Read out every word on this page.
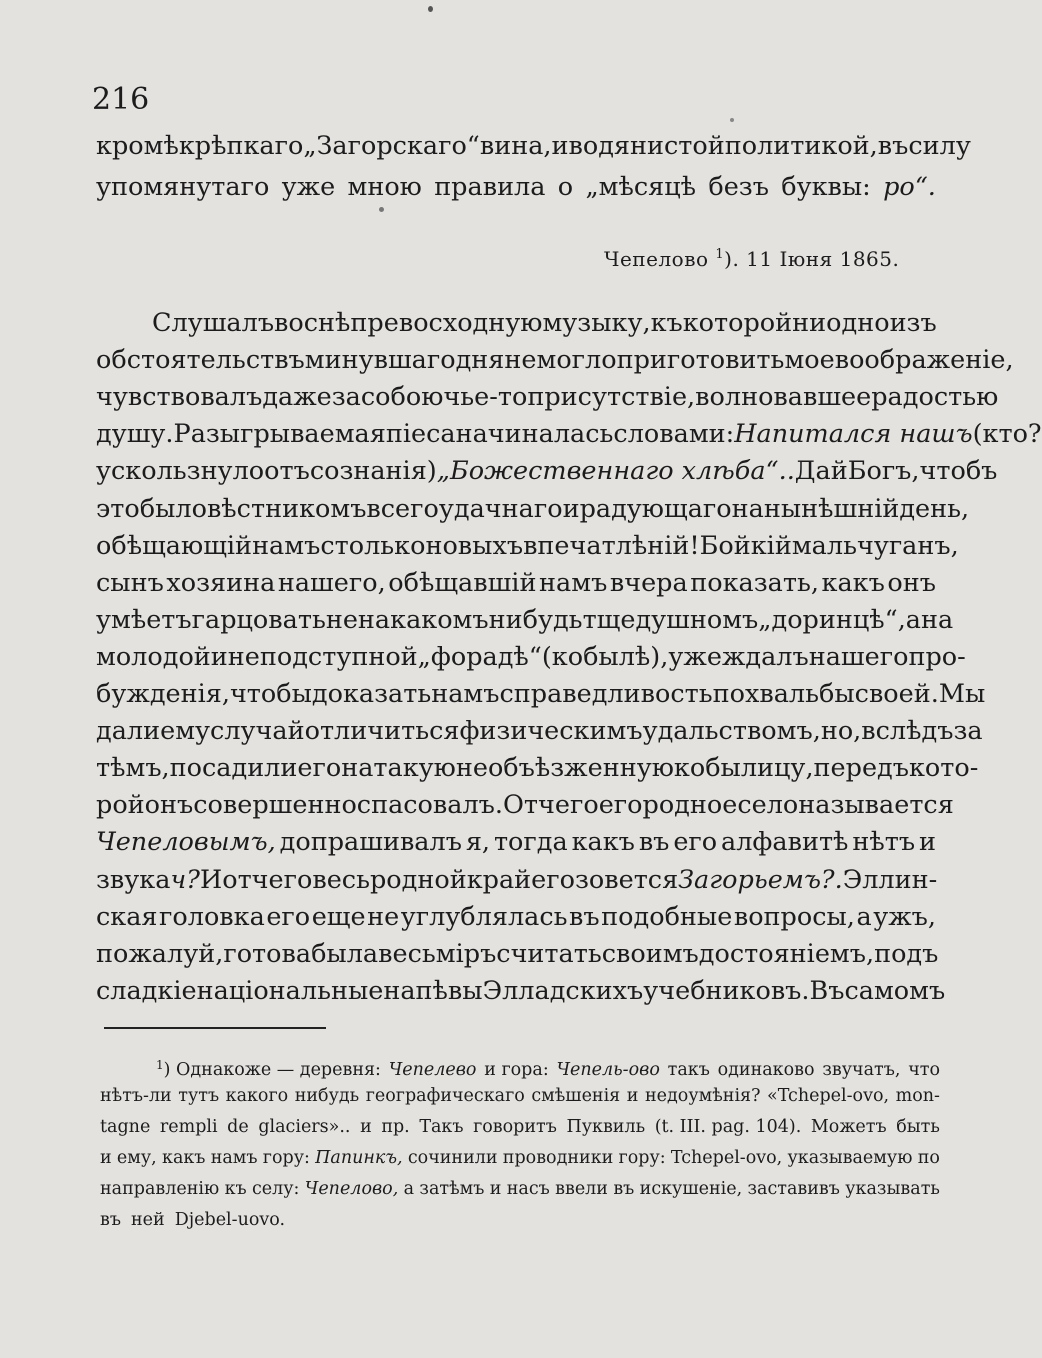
216
кромѣ крѣпкаго „Загорскаго“ вина, и водянистой политикой, въ силу
упомянутаго уже мною правила о „мѣсяцѣ безъ буквы: ро“.
Чепелово $^1$). 11 Іюня 1865.
Слушалъ во снѣ превосходную музыку, къ которой ни одно изъ
обстоятельствъ минувшаго дня не могло приготовить мое воображеніе,
чувствовалъ даже за собою чье-то присутствіе, волновавшее радостью
душу. Разыгрываемая піеса начиналась словами: Напитался нашъ (кто?
ускользнуло отъ сознанія) „Божественнаго хлѣба“.. Дай Богъ, чтобъ
это было вѣстникомъ всего удачнаго и радующаго на нынѣшній день,
обѣщающій намъ столько новыхъ впечатлѣній! Бойкій мальчуганъ,
сынъ хозяина нашего, обѣщавшій намъ вчера показать, какъ онъ
умѣетъ гарцовать не на какомъ нибудь тщедушномъ „доринцѣ“, а на
молодой и неподступной „форадѣ“ (кобылѣ), уже ждалъ нашего про-
бужденія, чтобы доказать намъ справедливость похвальбы своей. Мы
дали ему случай отличиться физическимъ удальствомъ, но, вслѣдъ за
тѣмъ, посадили его на такую необъѣзженную кобылицу, передъ кото-
рой онъ совершенно спасовалъ. Отчего его родное село называется
Чепеловымъ, допрашивалъ я, тогда какъ въ его алфавитѣ нѣтъ и
звука ч? И отчего весь родной край его зовется Загорьемъ?. Эллин-
ская головка его еще не углублялась въ подобные вопросы, а ужъ,
пожалуй, готова была весь міръ считать своимъ достояніемъ, подъ
сладкіе національные напѣвы Элладскихъ учебниковъ. Въ самомъ
$^1$) Однакоже — деревня: Чепелево и гора: Чепель-ово такъ одинаково звучатъ, что
нѣтъ-ли тутъ какого нибудь географическаго смѣшенія и недоумѣнія? «Tchepel-ovo, mon-
tagne rempli de glaciers».. и пр. Такъ говоритъ Пуквиль (t. III. pag. 104). Можетъ быть
и ему, какъ намъ гору: Папинкъ, сочинили проводники гору: Tchepel-ovo, указываемую по
направленію къ селу: Чепелово, а затѣмъ и насъ ввели въ искушеніе, заставивъ указывать
въ ней Djebel-uovo.
